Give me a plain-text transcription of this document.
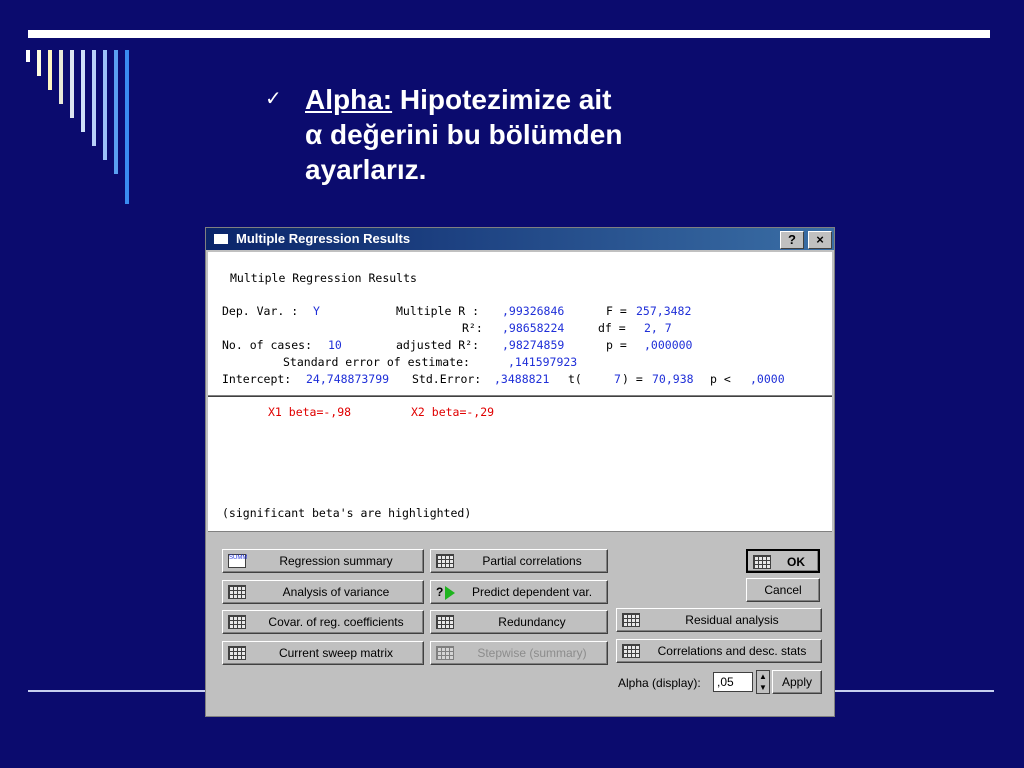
✓ Alpha: Hipotezimize ait
α değerini bu bölümden
ayarlarız.
Multiple Regression Results	?	×
Multiple Regression Results
Dep. Var. : Y	Multiple R : ,99326846	F = 257,3482
R²: ,98658224	df = 2, 7
No. of cases: 10	adjusted R²: ,98274859	p = ,000000
Standard error of estimate:	,141597923
Intercept: 24,748873799 Std.Error: ,3488821 t(	7 ) = 70,938 p < ,0000
X1 beta=-,98	X2 beta=-,29
(significant beta's are highlighted)
SUMM	Regression summary
Analysis of variance
Covar. of reg. coefficients
Current sweep matrix
Partial correlations
?	Predict dependent var.
Redundancy
Stepwise (summary)
OK
Cancel
Residual analysis
Correlations and desc. stats
Alpha (display):
,05	▲
▼	Apply
